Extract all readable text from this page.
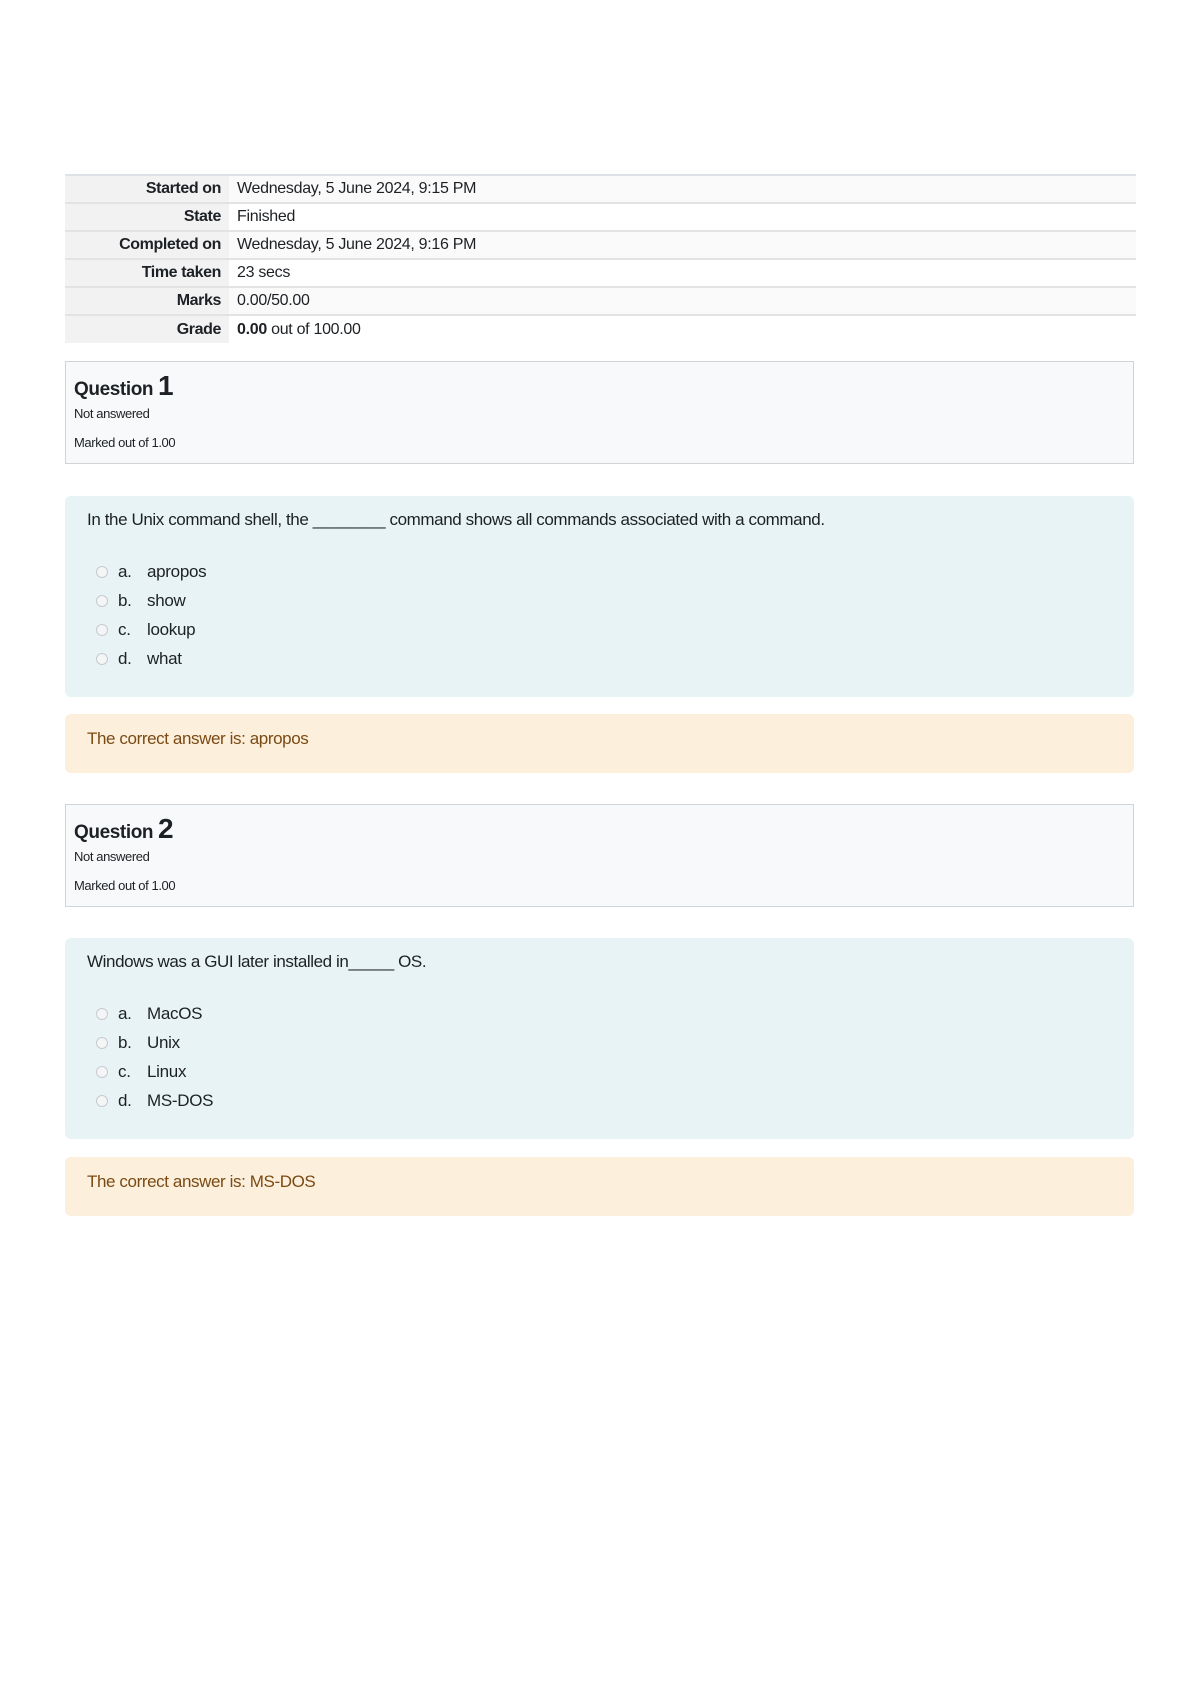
Started on	Wednesday, 5 June 2024, 9:15 PM
State	Finished
Completed on	Wednesday, 5 June 2024, 9:16 PM
Time taken	23 secs
Marks	0.00/50.00
Grade	0.00 out of 100.00
Question 1
Not answered
Marked out of 1.00

In the Unix command shell, the ________ command shows all commands associated with a command.

a. apropos
b. show
c. lookup
d. what
The correct answer is: apropos
Question 2
Not answered
Marked out of 1.00

Windows was a GUI later installed in_____ OS.

a. MacOS
b. Unix
c. Linux
d. MS-DOS
The correct answer is: MS-DOS
